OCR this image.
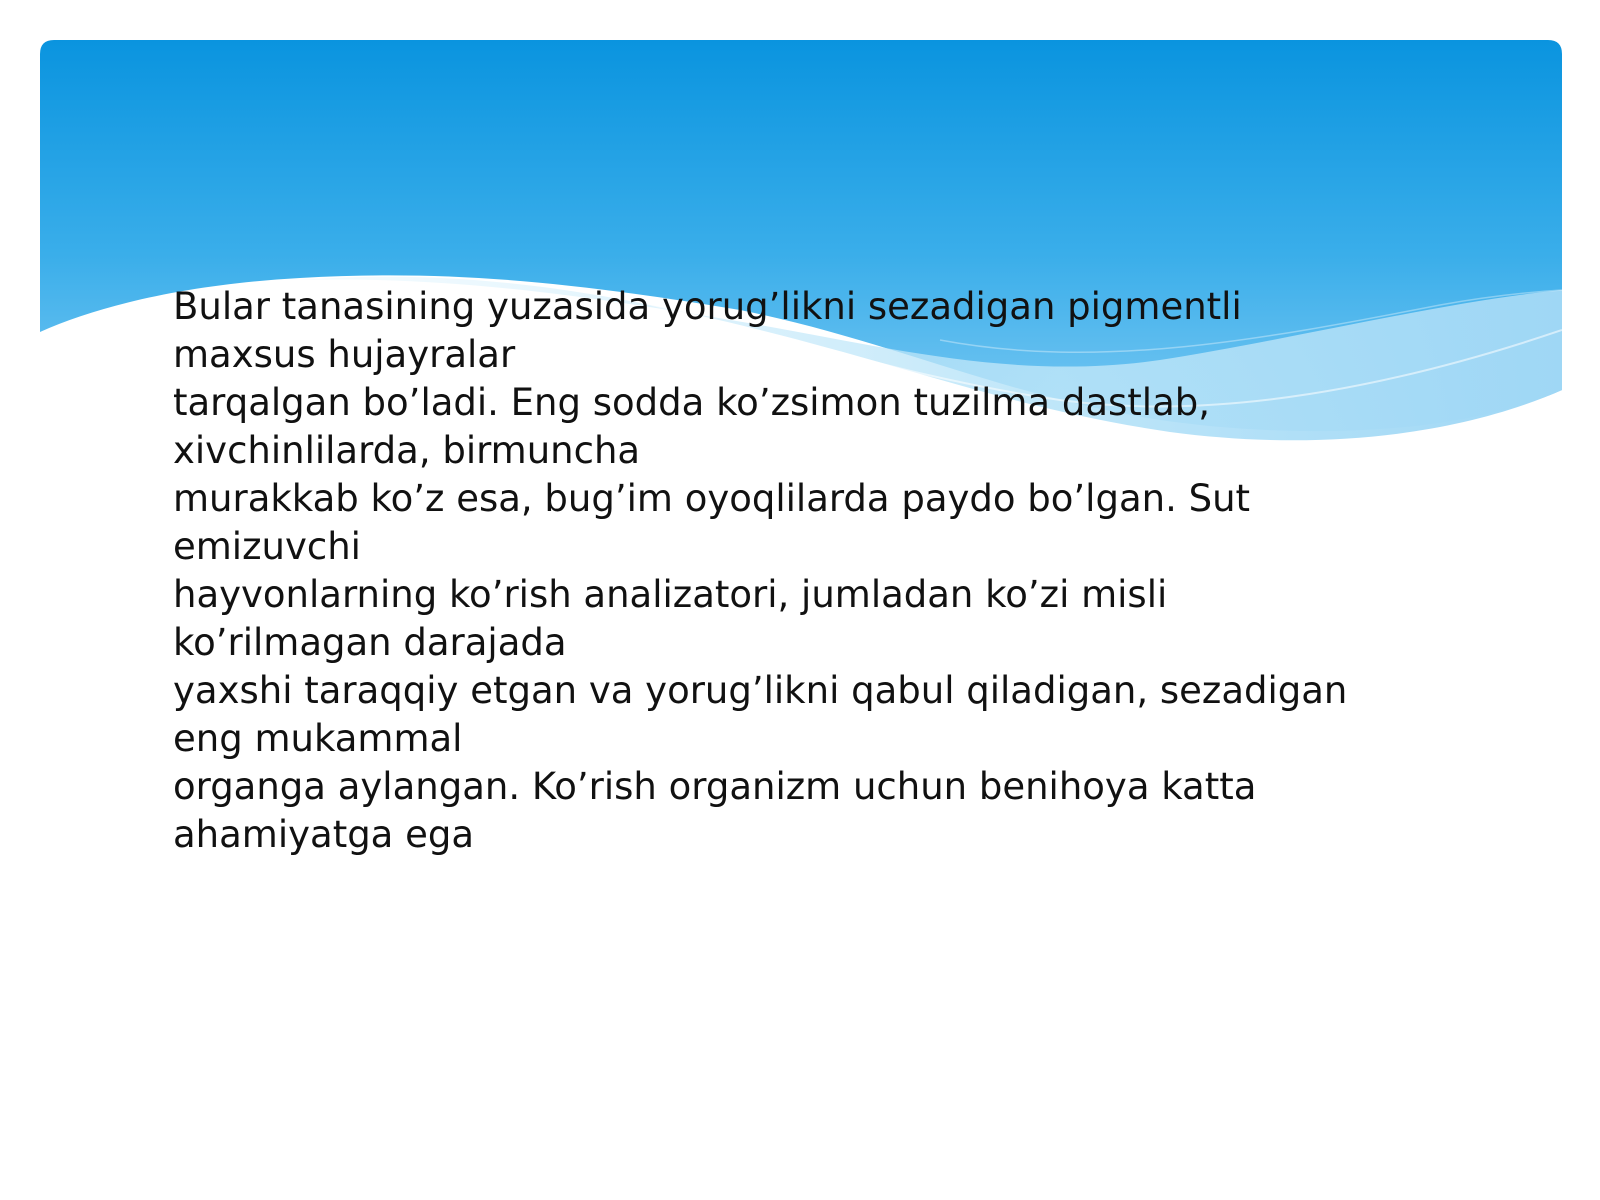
Bular tanasining yuzasida yorug’likni sezadigan pigmentli
maxsus hujayralar
tarqalgan bo’ladi. Eng sodda ko’zsimon tuzilma dastlab,
xivchinlilarda, birmuncha
murakkab ko’z esa, bug’im oyoqlilarda paydo bo’lgan. Sut
emizuvchi
hayvonlarning ko’rish analizatori, jumladan ko’zi misli
ko’rilmagan darajada
yaxshi taraqqiy etgan va yorug’likni qabul qiladigan, sezadigan
eng mukammal
organga aylangan. Ko’rish organizm uchun benihoya katta
ahamiyatga ega
